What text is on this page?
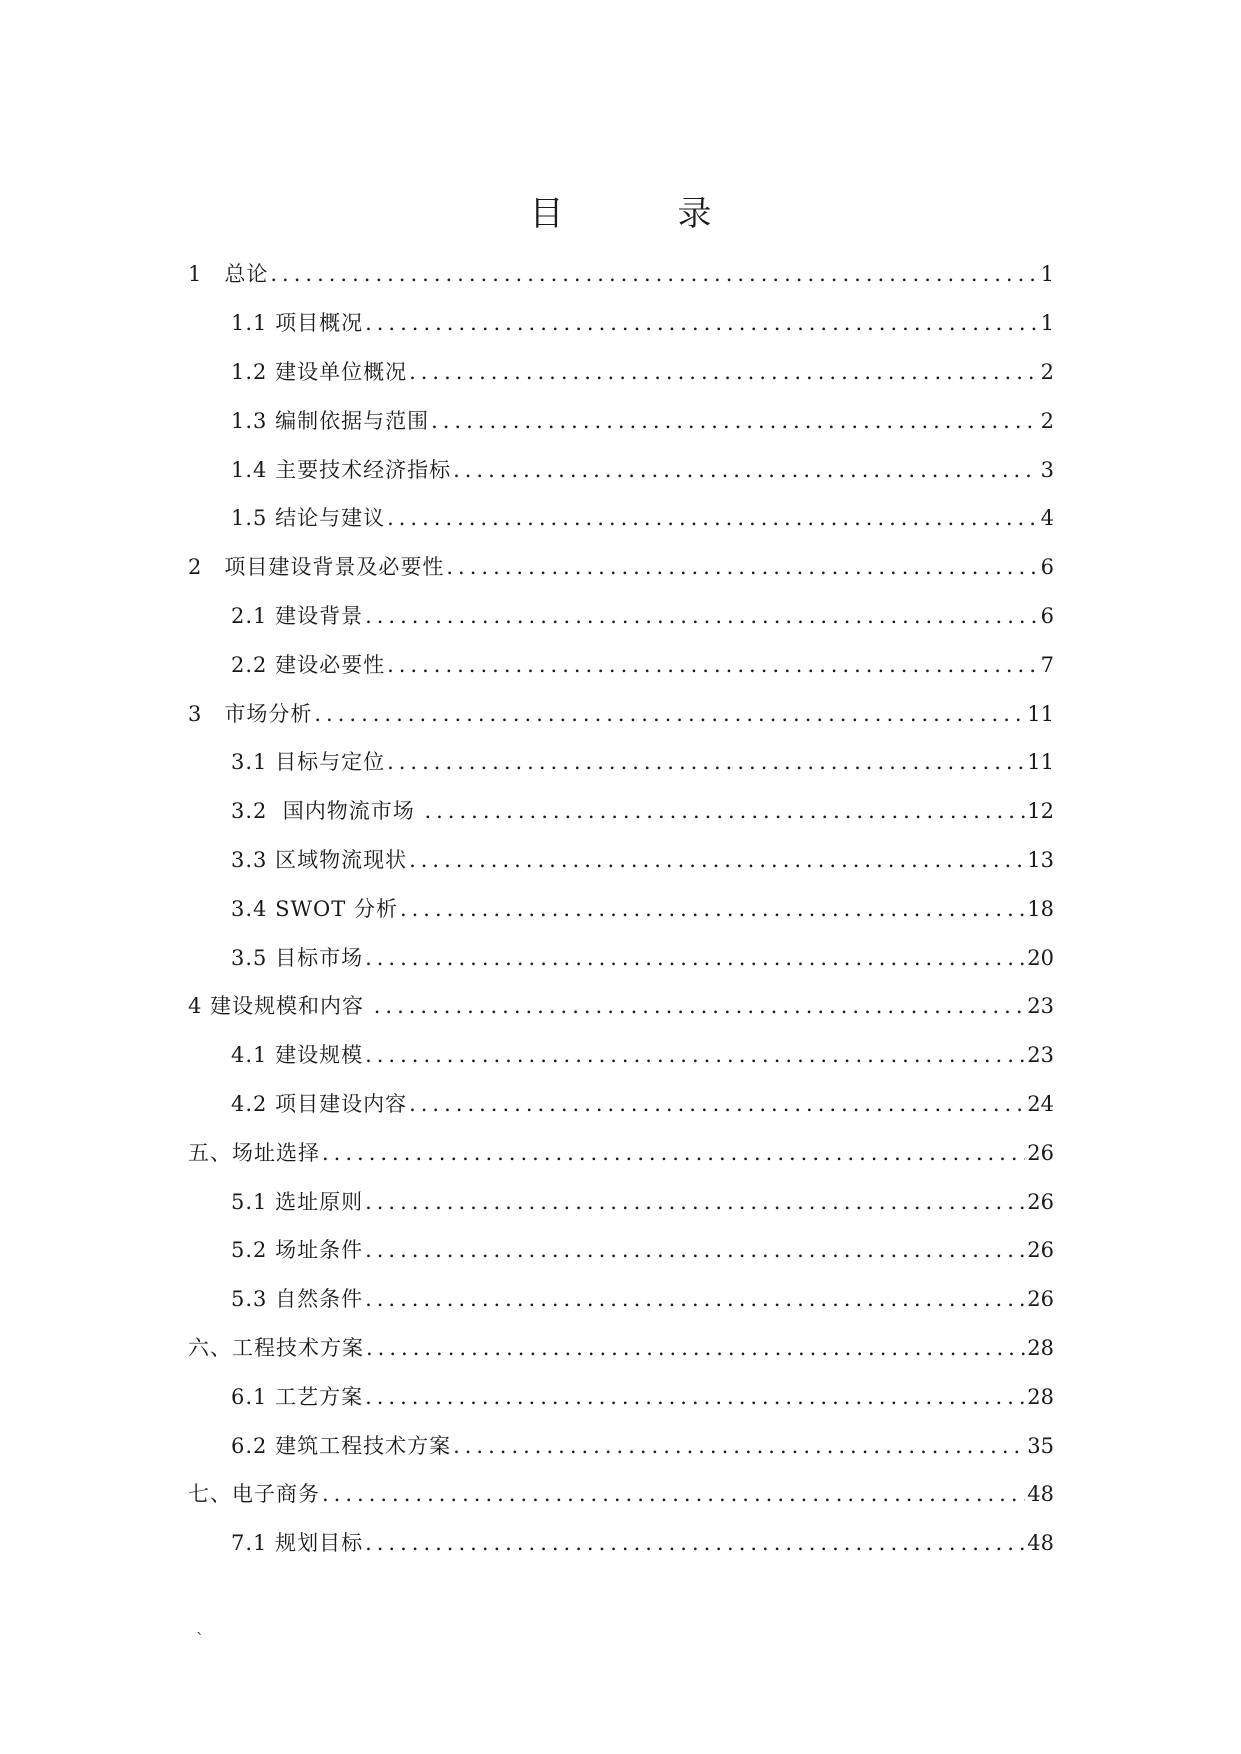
目　录
1　总论 .....	1
1.1 项目概况 .....	1
1.2 建设单位概况 .....	2
1.3 编制依据与范围 .....	2
1.4 主要技术经济指标 .....	3
1.5 结论与建议 .....	4
2　项目建设背景及必要性 .....	6
2.1 建设背景 .....	6
2.2 建设必要性 .....	7
3　市场分析 .....	11
3.1 目标与定位 .....	11
3.2  国内物流市场 .....	12
3.3 区域物流现状 .....	13
3.4 SWOT 分析 .....	18
3.5 目标市场 .....	20
4 建设规模和内容 .....	23
4.1 建设规模 .....	23
4.2 项目建设内容 .....	24
五、场址选择 .....	26
5.1 选址原则 .....	26
5.2 场址条件 .....	26
5.3 自然条件 .....	26
六、工程技术方案 .....	28
6.1 工艺方案 .....	28
6.2 建筑工程技术方案 .....	35
七、电子商务 .....	48
7.1 规划目标 .....	48
`
